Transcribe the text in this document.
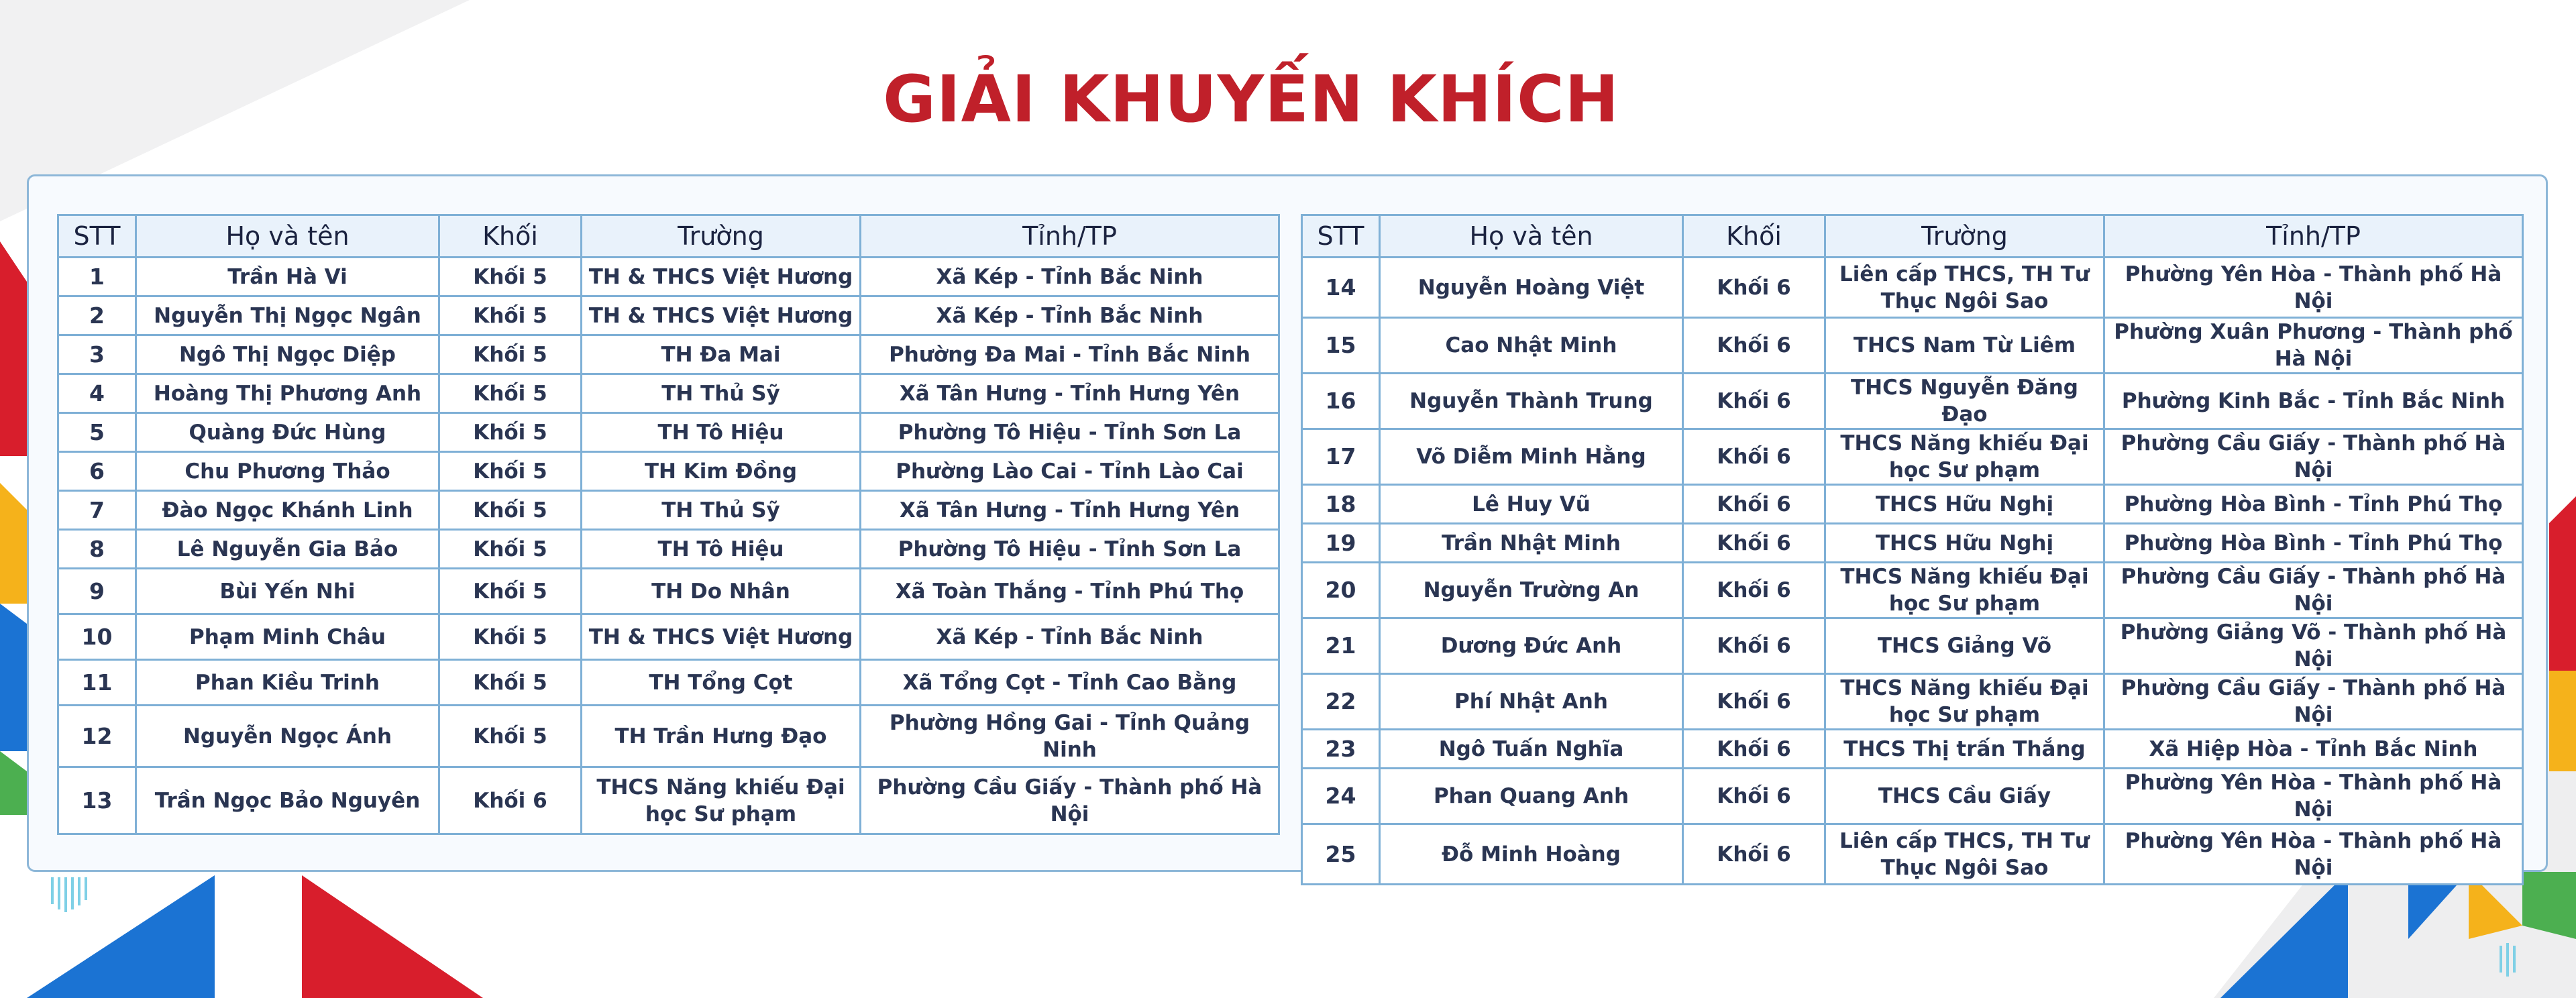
GIẢI KHUYẾN KHÍCH
STT	Họ và tên	Khối	Trường	Tỉnh/TP
1	Trần Hà Vi	Khối 5	TH & THCS Việt Hương	Xã Kép - Tỉnh Bắc Ninh
2	Nguyễn Thị Ngọc Ngân	Khối 5	TH & THCS Việt Hương	Xã Kép - Tỉnh Bắc Ninh
3	Ngô Thị Ngọc Diệp	Khối 5	TH Đa Mai	Phường Đa Mai - Tỉnh Bắc Ninh
4	Hoàng Thị Phương Anh	Khối 5	TH Thủ Sỹ	Xã Tân Hưng - Tỉnh Hưng Yên
5	Quàng Đức Hùng	Khối 5	TH Tô Hiệu	Phường Tô Hiệu - Tỉnh Sơn La
6	Chu Phương Thảo	Khối 5	TH Kim Đồng	Phường Lào Cai - Tỉnh Lào Cai
7	Đào Ngọc Khánh Linh	Khối 5	TH Thủ Sỹ	Xã Tân Hưng - Tỉnh Hưng Yên
8	Lê Nguyễn Gia Bảo	Khối 5	TH Tô Hiệu	Phường Tô Hiệu - Tỉnh Sơn La
9	Bùi Yến Nhi	Khối 5	TH Do Nhân	Xã Toàn Thắng - Tỉnh Phú Thọ
10	Phạm Minh Châu	Khối 5	TH & THCS Việt Hương	Xã Kép - Tỉnh Bắc Ninh
11	Phan Kiều Trinh	Khối 5	TH Tổng Cọt	Xã Tổng Cọt - Tỉnh Cao Bằng
12	Nguyễn Ngọc Ánh	Khối 5	TH Trần Hưng Đạo	Phường Hồng Gai - Tỉnh Quảng Ninh
13	Trần Ngọc Bảo Nguyên	Khối 6	THCS Năng khiếu Đại học Sư phạm	Phường Cầu Giấy - Thành phố Hà Nội
STT	Họ và tên	Khối	Trường	Tỉnh/TP
14	Nguyễn Hoàng Việt	Khối 6	Liên cấp THCS, TH Tư Thục Ngôi Sao	Phường Yên Hòa - Thành phố Hà Nội
15	Cao Nhật Minh	Khối 6	THCS Nam Từ Liêm	Phường Xuân Phương - Thành phố Hà Nội
16	Nguyễn Thành Trung	Khối 6	THCS Nguyễn Đăng Đạo	Phường Kinh Bắc - Tỉnh Bắc Ninh
17	Võ Diễm Minh Hằng	Khối 6	THCS Năng khiếu Đại học Sư phạm	Phường Cầu Giấy - Thành phố Hà Nội
18	Lê Huy Vũ	Khối 6	THCS Hữu Nghị	Phường Hòa Bình - Tỉnh Phú Thọ
19	Trần Nhật Minh	Khối 6	THCS Hữu Nghị	Phường Hòa Bình - Tỉnh Phú Thọ
20	Nguyễn Trường An	Khối 6	THCS Năng khiếu Đại học Sư phạm	Phường Cầu Giấy - Thành phố Hà Nội
21	Dương Đức Anh	Khối 6	THCS Giảng Võ	Phường Giảng Võ - Thành phố Hà Nội
22	Phí Nhật Anh	Khối 6	THCS Năng khiếu Đại học Sư phạm	Phường Cầu Giấy - Thành phố Hà Nội
23	Ngô Tuấn Nghĩa	Khối 6	THCS Thị trấn Thắng	Xã Hiệp Hòa - Tỉnh Bắc Ninh
24	Phan Quang Anh	Khối 6	THCS Cầu Giấy	Phường Yên Hòa - Thành phố Hà Nội
25	Đỗ Minh Hoàng	Khối 6	Liên cấp THCS, TH Tư Thục Ngôi Sao	Phường Yên Hòa - Thành phố Hà Nội
